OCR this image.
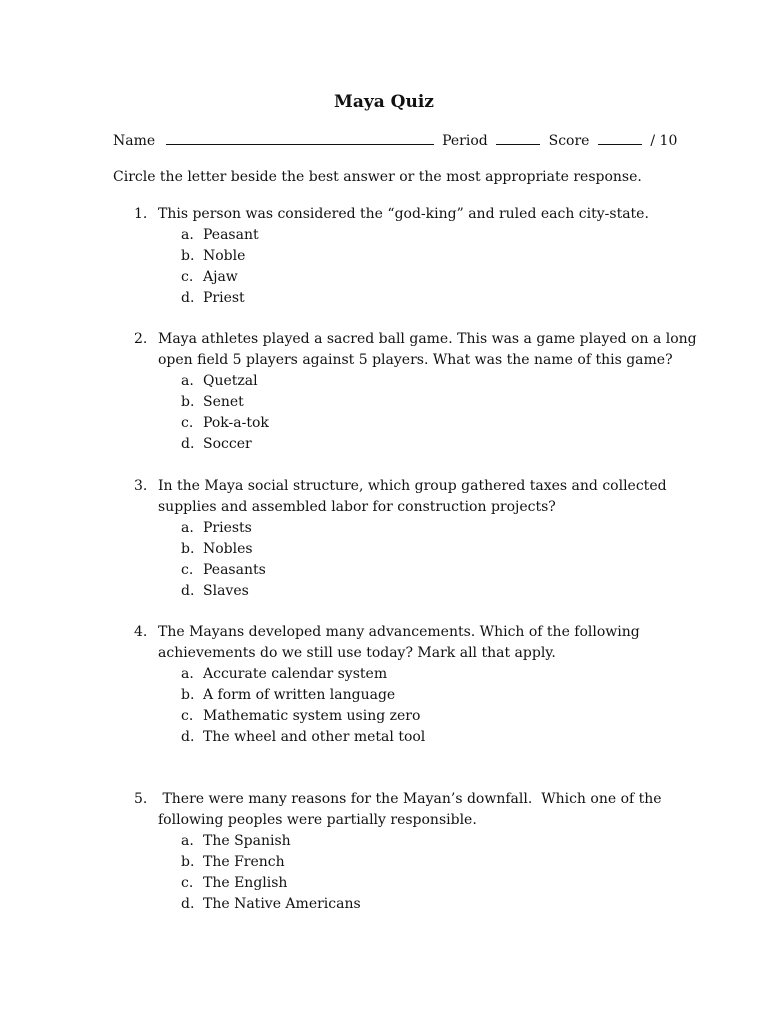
Maya Quiz
Name	Period	Score	/ 10
Circle the letter beside the best answer or the most appropriate response.
1. This person was considered the “god-king” and ruled each city-state.
a. Peasant
b. Noble
c. Ajaw
d. Priest
2. Maya athletes played a sacred ball game. This was a game played on a long
open field 5 players against 5 players. What was the name of this game?
a. Quetzal
b. Senet
c. Pok-a-tok
d. Soccer
3. In the Maya social structure, which group gathered taxes and collected
supplies and assembled labor for construction projects?
a. Priests
b. Nobles
c. Peasants
d. Slaves
4. The Mayans developed many advancements. Which of the following
achievements do we still use today? Mark all that apply.
a. Accurate calendar system
b. A form of written language
c. Mathematic system using zero
d. The wheel and other metal tool
5. There were many reasons for the Mayan’s downfall.  Which one of the
following peoples were partially responsible.
a. The Spanish
b. The French
c. The English
d. The Native Americans
